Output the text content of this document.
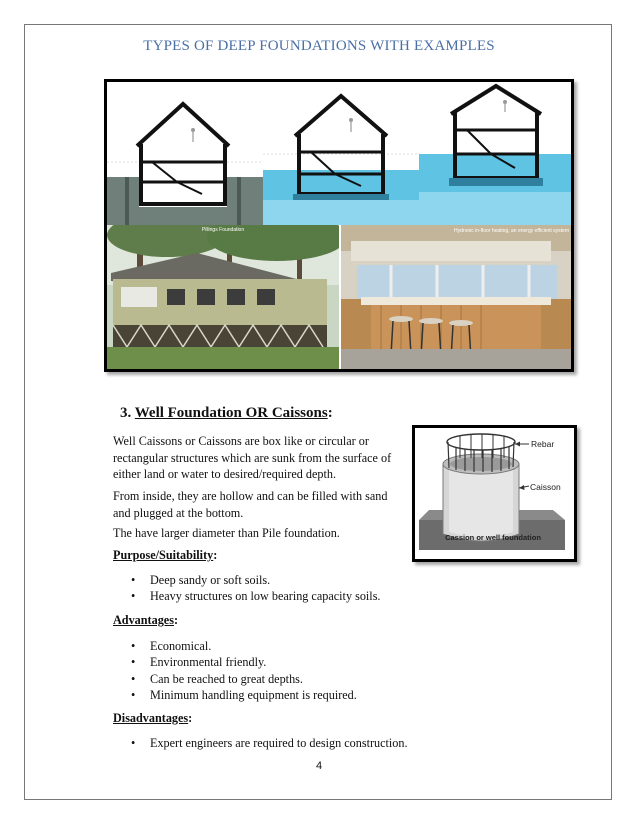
TYPES OF DEEP FOUNDATIONS WITH EXAMPLES
Pillings Foundation	Hydronic in-floor heating, an energy efficient system
3. Well Foundation OR Caissons:
Well Caissons or Caissons are box like or circular or rectangular structures which are sunk from the surface of either land or water to desired/required depth.
From inside, they are hollow and can be filled with sand and plugged at the bottom.
The have larger diameter than Pile foundation.
Purpose/Suitability:
• Deep sandy or soft soils.
• Heavy structures on low bearing capacity soils.
Advantages:
• Economical.
• Environmental friendly.
• Can be reached to great depths.
• Minimum handling equipment is required.
Disadvantages:
• Expert engineers are required to design construction.
Rebar
Caisson
Cassion or well foundation
4
